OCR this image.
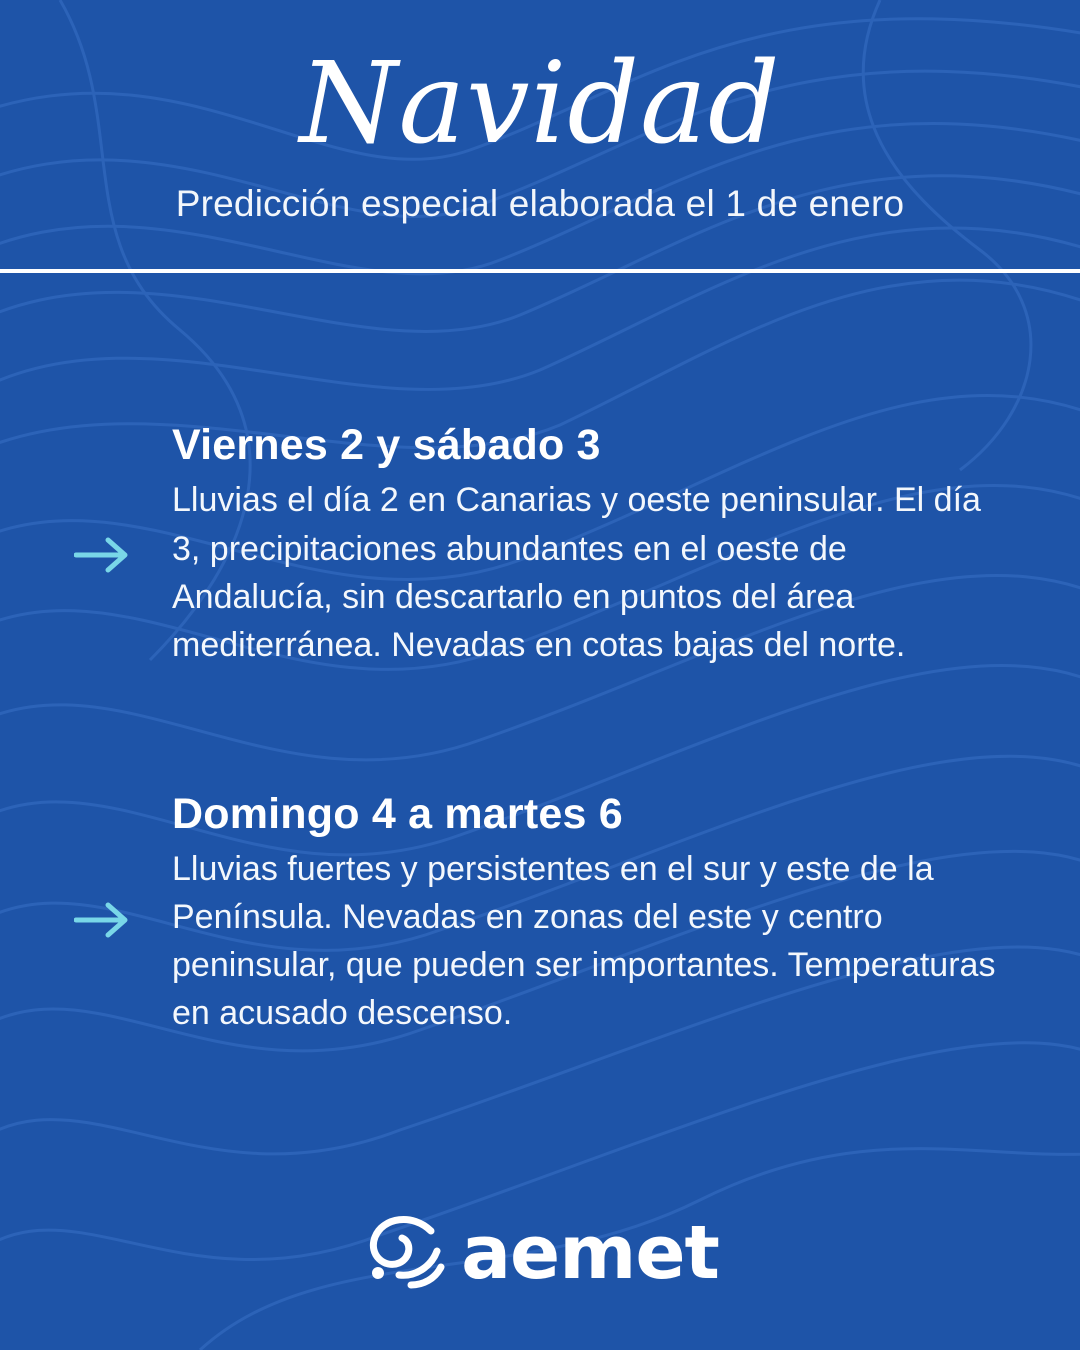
Navidad

Predicción especial elaborada el 1 de enero

Viernes 2 y sábado 3

Lluvias el día 2 en Canarias y oeste peninsular. El día 3, precipitaciones abundantes en el oeste de Andalucía, sin descartarlo en puntos del área mediterránea. Nevadas en cotas bajas del norte.

Domingo 4 a martes 6

Lluvias fuertes y persistentes en el sur y este de la Península. Nevadas en zonas del este y centro peninsular, que pueden ser importantes. Temperaturas en acusado descenso.

aemet
